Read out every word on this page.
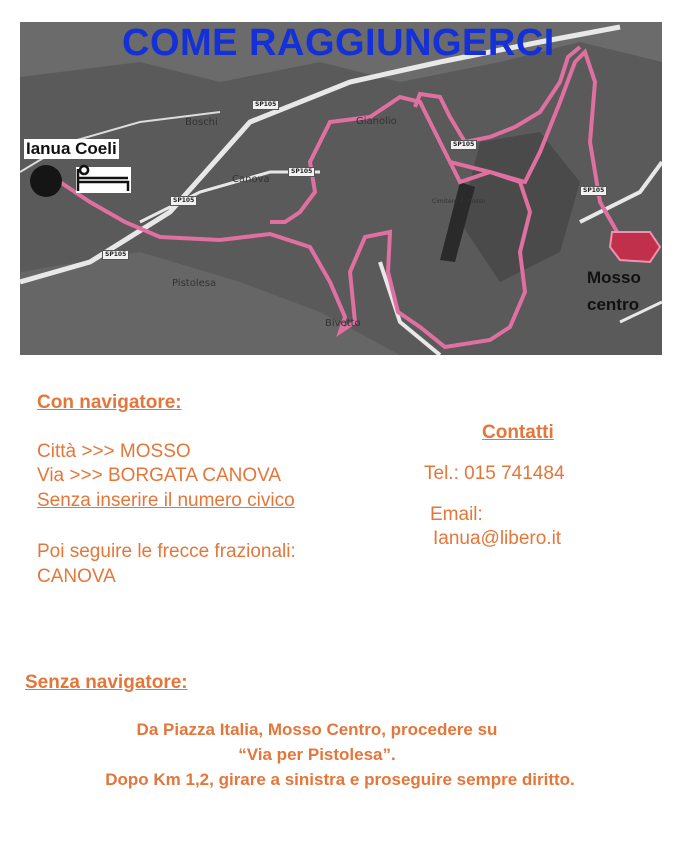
SP105
SP105
SP105
SP105
SP105
SP105
Boschi
Canova
Gianolio
Pistolesa
Bivetto
Cimitero di Mosso
COME RAGGIUNGERCI
Ianua Coeli
Mosso
centro
Con navigatore:
Città >>> MOSSO
Via >>> BORGATA CANOVA
Senza inserire il numero civico
Poi seguire le frecce frazionali:
CANOVA
Contatti
Tel.: 015 741484
Email:
Ianua@libero.it
Senza navigatore:
Da Piazza Italia, Mosso Centro, procedere su
“Via per Pistolesa”.
Dopo Km 1,2, girare a sinistra e proseguire sempre diritto.
